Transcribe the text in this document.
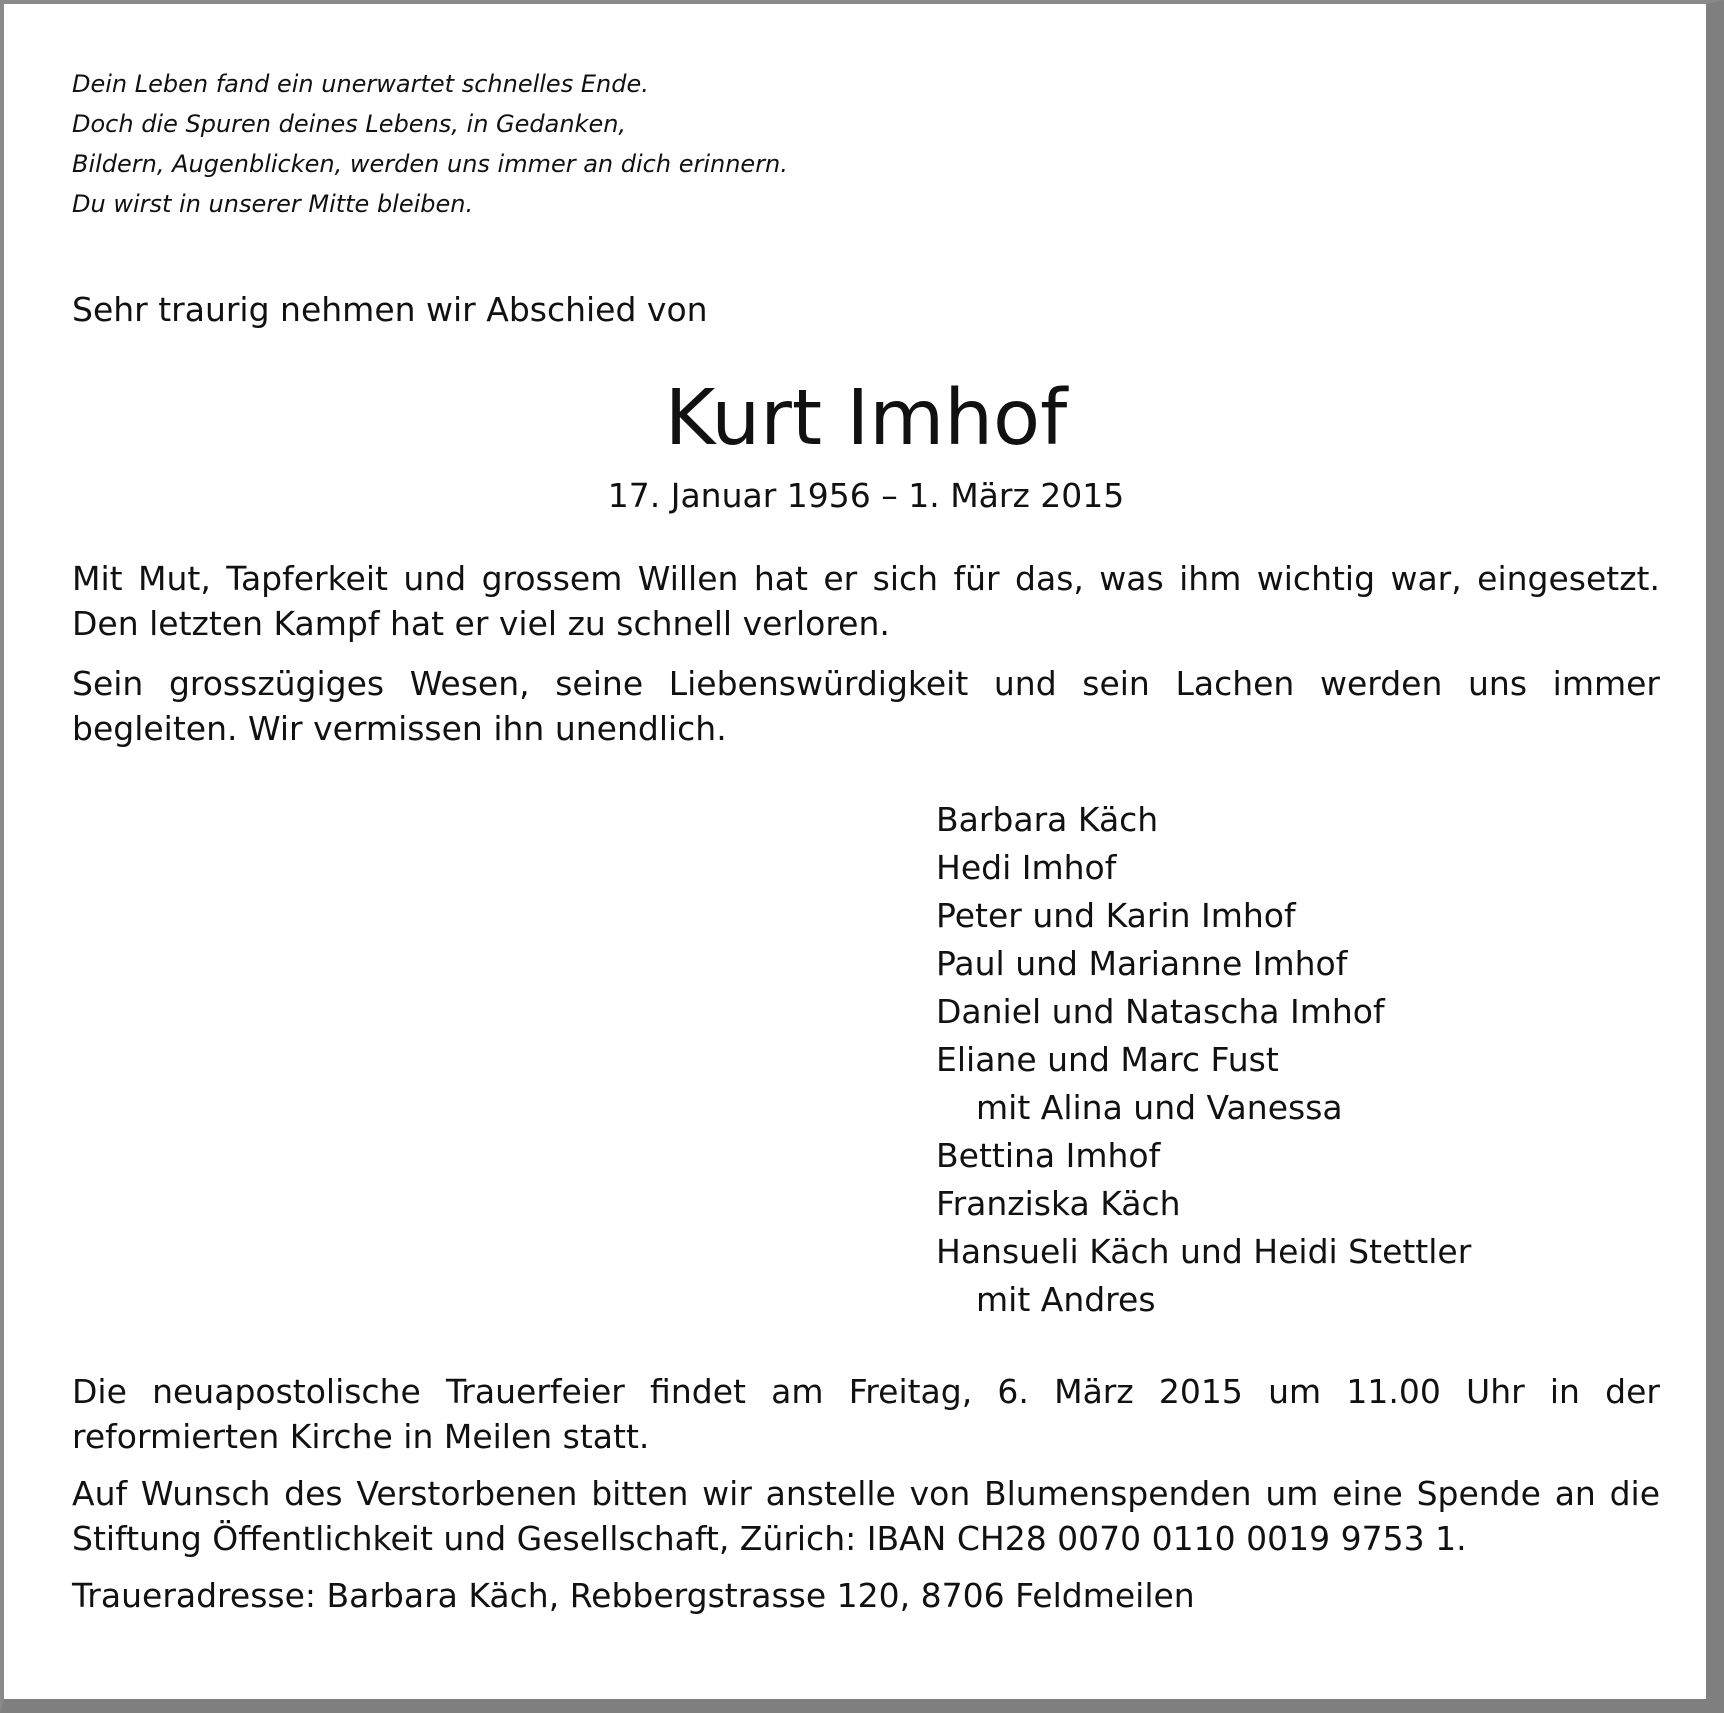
Dein Leben fand ein unerwartet schnelles Ende.
Doch die Spuren deines Lebens, in Gedanken,
Bildern, Augenblicken, werden uns immer an dich erinnern.
Du wirst in unserer Mitte bleiben.

Sehr traurig nehmen wir Abschied von
Kurt Imhof
17. Januar 1956 – 1. März 2015

Mit Mut, Tapferkeit und grossem Willen hat er sich für das, was ihm wichtig war, eingesetzt. Den letzten Kampf hat er viel zu schnell verloren.

Sein grosszügiges Wesen, seine Liebenswürdigkeit und sein Lachen werden uns immer begleiten. Wir vermissen ihn unendlich.

Barbara Käch
Hedi Imhof
Peter und Karin Imhof
Paul und Marianne Imhof
Daniel und Natascha Imhof
Eliane und Marc Fust
mit Alina und Vanessa
Bettina Imhof
Franziska Käch
Hansueli Käch und Heidi Stettler
mit Andres

Die neuapostolische Trauerfeier findet am Freitag, 6. März 2015 um 11.00 Uhr in der reformierten Kirche in Meilen statt.

Auf Wunsch des Verstorbenen bitten wir anstelle von Blumenspenden um eine Spende an die Stiftung Öffentlichkeit und Gesellschaft, Zürich: IBAN CH28 0070 0110 0019 9753 1.

Traueradresse: Barbara Käch, Rebbergstrasse 120, 8706 Feldmeilen
